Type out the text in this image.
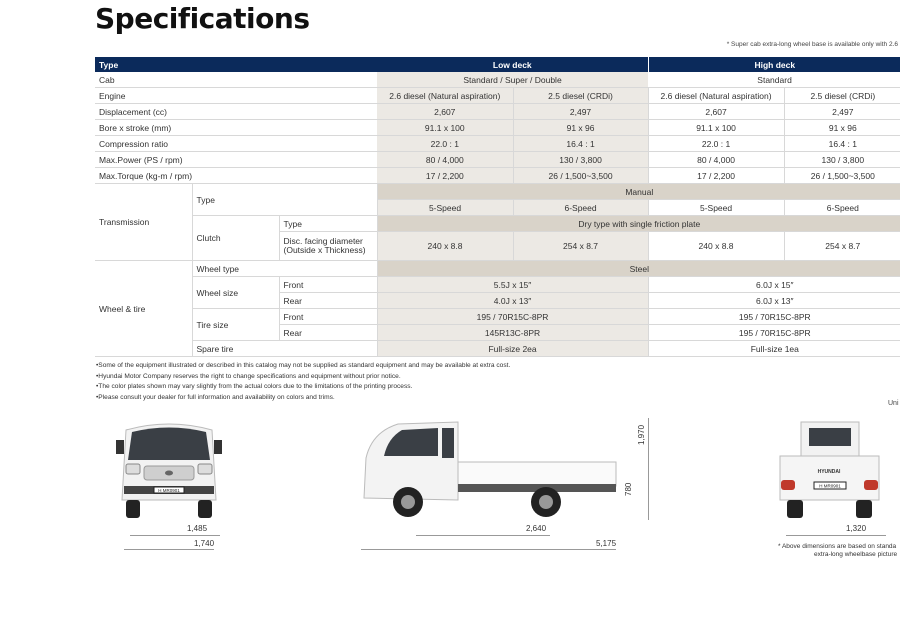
Specifications
* Super cab extra-long wheel base is available only with 2.6
Type			Low deck		High deck	
Cab			Standard / Super / Double		Standard	
Engine			2.6 diesel (Natural aspiration)	2.5 diesel (CRDi)	2.6 diesel (Natural aspiration)	2.5 diesel (CRDi)
Displacement (cc)			2,607	2,497	2,607	2,497
Bore x stroke (mm)			91.1 x 100	91 x 96	91.1 x 100	91 x 96
Compression ratio			22.0 : 1	16.4 : 1	22.0 : 1	16.4 : 1
Max.Power (PS / rpm)			80 / 4,000	130 / 3,800	80 / 4,000	130 / 3,800
Max.Torque (kg-m / rpm)			17 / 2,200	26 / 1,500~3,500	17 / 2,200	26 / 1,500~3,500
Transmission	Type		Manual			
			5-Speed	6-Speed	5-Speed	6-Speed
	Clutch	Type	Dry type with single friction plate			
		Disc. facing diameter
(Outside x Thickness)	240 x 8.8	254 x 8.7	240 x 8.8	254 x 8.7
Wheel & tire	Wheel type		Steel			
	Wheel size	Front	5.5J x 15″		6.0J x 15″	
		Rear	4.0J x 13″		6.0J x 13″	
	Tire size	Front	195 / 70R15C-8PR		195 / 70R15C-8PR	
		Rear	145R13C-8PR		195 / 70R15C-8PR	
	Spare tire		Full-size 2ea		Full-size 1ea	
•Some of the equipment illustrated or described in this catalog may not be supplied as standard equipment and may be available at extra cost.
•Hyundai Motor Company reserves the right to change specifications and equipment without prior notice.
•The color plates shown may vary slightly from the actual colors due to the limitations of the printing process.
•Please consult your dealer for full information and availability on colors and trims.
Uni
H MR0901
HYUNDAI
H MR0901
1,485
1,740
2,640
5,175
1,970
780
1,320
* Above dimensions are based on standa
extra-long wheelbase picture
